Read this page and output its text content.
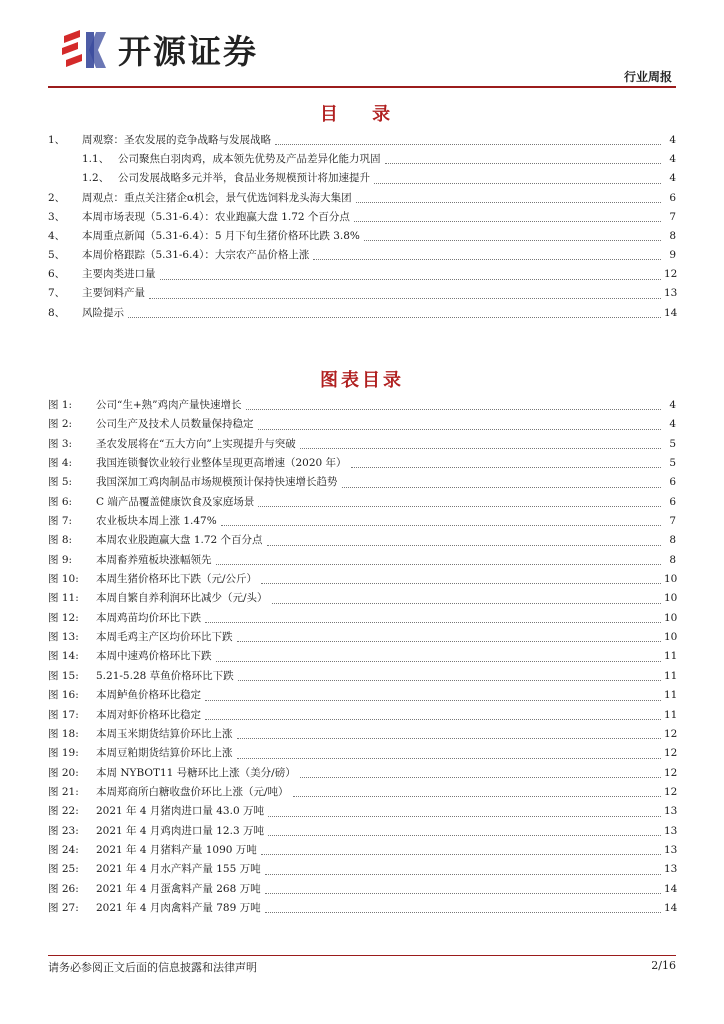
开源证券
行业周报
目 录
1、	周观察：圣农发展的竞争战略与发展战略	4
1.1、 公司聚焦白羽肉鸡，成本领先优势及产品差异化能力巩固	4
1.2、 公司发展战略多元并举，食品业务规模预计将加速提升	4
2、	周观点：重点关注猪企α机会，景气优选饲料龙头海大集团	6
3、	本周市场表现（5.31-6.4）：农业跑赢大盘 1.72 个百分点	7
4、	本周重点新闻（5.31-6.4）：5 月下旬生猪价格环比跌 3.8%	8
5、	本周价格跟踪（5.31-6.4）：大宗农产品价格上涨	9
6、	主要肉类进口量	12
7、	主要饲料产量	13
8、	风险提示	14
图表目录
图 1:	公司“生+熟”鸡肉产量快速增长	4
图 2:	公司生产及技术人员数量保持稳定	4
图 3:	圣农发展将在“五大方向”上实现提升与突破	5
图 4:	我国连锁餐饮业较行业整体呈现更高增速（2020 年）	5
图 5:	我国深加工鸡肉制品市场规模预计保持快速增长趋势	6
图 6:	C 端产品覆盖健康饮食及家庭场景	6
图 7:	农业板块本周上涨 1.47%	7
图 8:	本周农业股跑赢大盘 1.72 个百分点	8
图 9:	本周畜养殖板块涨幅领先	8
图 10:	本周生猪价格环比下跌（元/公斤）	10
图 11:	本周自繁自养利润环比减少（元/头）	10
图 12:	本周鸡苗均价环比下跌	10
图 13:	本周毛鸡主产区均价环比下跌	10
图 14:	本周中速鸡价格环比下跌	11
图 15:	5.21-5.28 草鱼价格环比下跌	11
图 16:	本周鲈鱼价格环比稳定	11
图 17:	本周对虾价格环比稳定	11
图 18:	本周玉米期货结算价环比上涨	12
图 19:	本周豆粕期货结算价环比上涨	12
图 20:	本周 NYBOT11 号糖环比上涨（美分/磅）	12
图 21:	本周郑商所白糖收盘价环比上涨（元/吨）	12
图 22:	2021 年 4 月猪肉进口量 43.0 万吨	13
图 23:	2021 年 4 月鸡肉进口量 12.3 万吨	13
图 24:	2021 年 4 月猪料产量 1090 万吨	13
图 25:	2021 年 4 月水产料产量 155 万吨	13
图 26:	2021 年 4 月蛋禽料产量 268 万吨	14
图 27:	2021 年 4 月肉禽料产量 789 万吨	14
请务必参阅正文后面的信息披露和法律声明	2/16
